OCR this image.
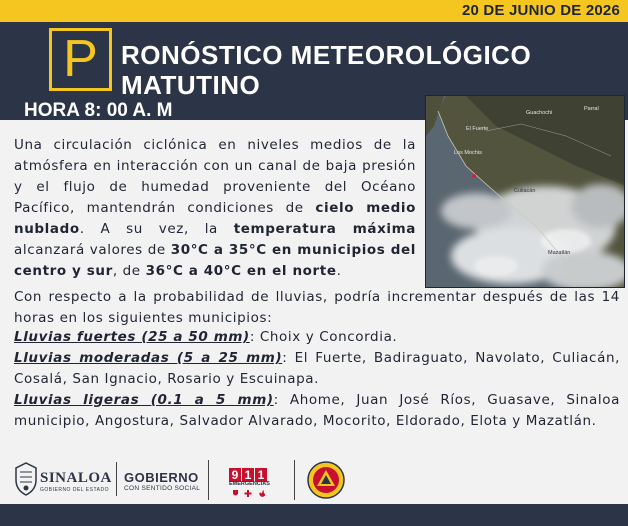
20 DE JUNIO DE 2026
P RONÓSTICO METEOROLÓGICO MATUTINO
HORA 8: 00 A. M	Guachochi
Parral
El Fuerte
Los Mochis
Culiacán
Mazatlán

Una circulación ciclónica en niveles medios de la atmósfera en interacción con un canal de baja presión y el flujo de humedad proveniente del Océano Pacífico, mantendrán condiciones de cielo medio nublado. A su vez, la temperatura máxima alcanzará valores de 30°C a 35°C en municipios del centro y sur, de 36°C a 40°C en el norte.

Con respecto a la probabilidad de lluvias, podría incrementar después de las 14 horas en los siguientes municipios:

Lluvias fuertes (25 a 50 mm): Choix y Concordia.

Lluvias moderadas (5 a 25 mm): El Fuerte, Badiraguato, Navolato, Culiacán, Cosalá, San Ignacio, Rosario y Escuinapa.

Lluvias ligeras (0.1 a 5 mm): Ahome, Juan José Ríos, Guasave, Sinaloa municipio, Angostura, Salvador Alvarado, Mocorito, Eldorado, Elota y Mazatlán.

SINALOA
GOBIERNO DEL ESTADO
GOBIERNO
CON SENTIDO SOCIAL
9 1 1
EMERGENCIAS
